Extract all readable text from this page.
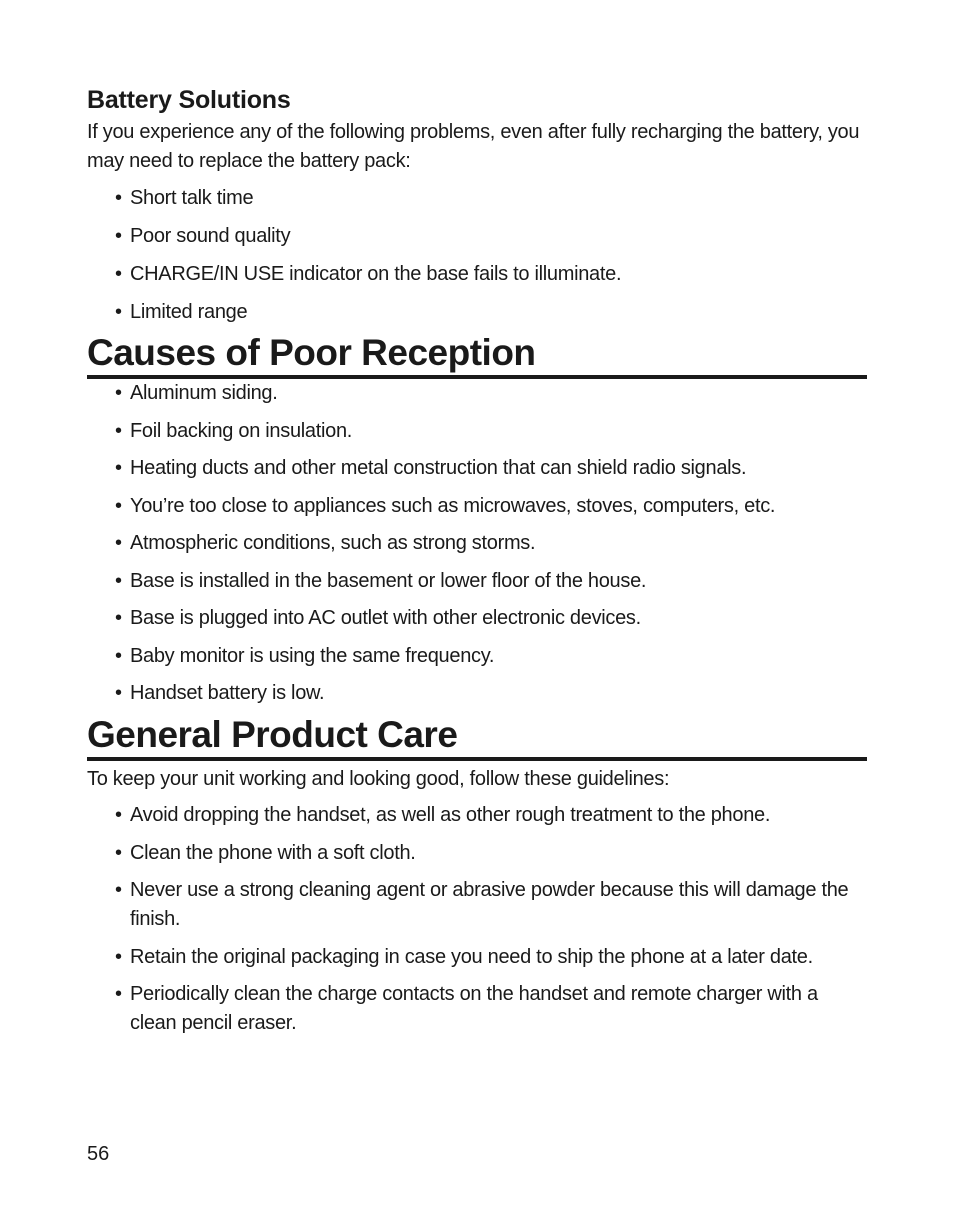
Battery Solutions

If you experience any of the following problems, even after fully recharging the battery, you may need to replace the battery pack:

• Short talk time
• Poor sound quality
• CHARGE/IN USE indicator on the base fails to illuminate.
• Limited range
Causes of Poor Reception
• Aluminum siding.
• Foil backing on insulation.
• Heating ducts and other metal construction that can shield radio signals.
• You’re too close to appliances such as microwaves, stoves, computers, etc.
• Atmospheric conditions, such as strong storms.
• Base is installed in the basement or lower floor of the house.
• Base is plugged into AC outlet with other electronic devices.
• Baby monitor is using the same frequency.
• Handset battery is low.
General Product Care

To keep your unit working and looking good, follow these guidelines:

• Avoid dropping the handset, as well as other rough treatment to the phone.
• Clean the phone with a soft cloth.
• Never use a strong cleaning agent or abrasive powder because this will damage the finish.
• Retain the original packaging in case you need to ship the phone at a later date.
• Periodically clean the charge contacts on the handset and remote charger with a clean pencil eraser.
56
